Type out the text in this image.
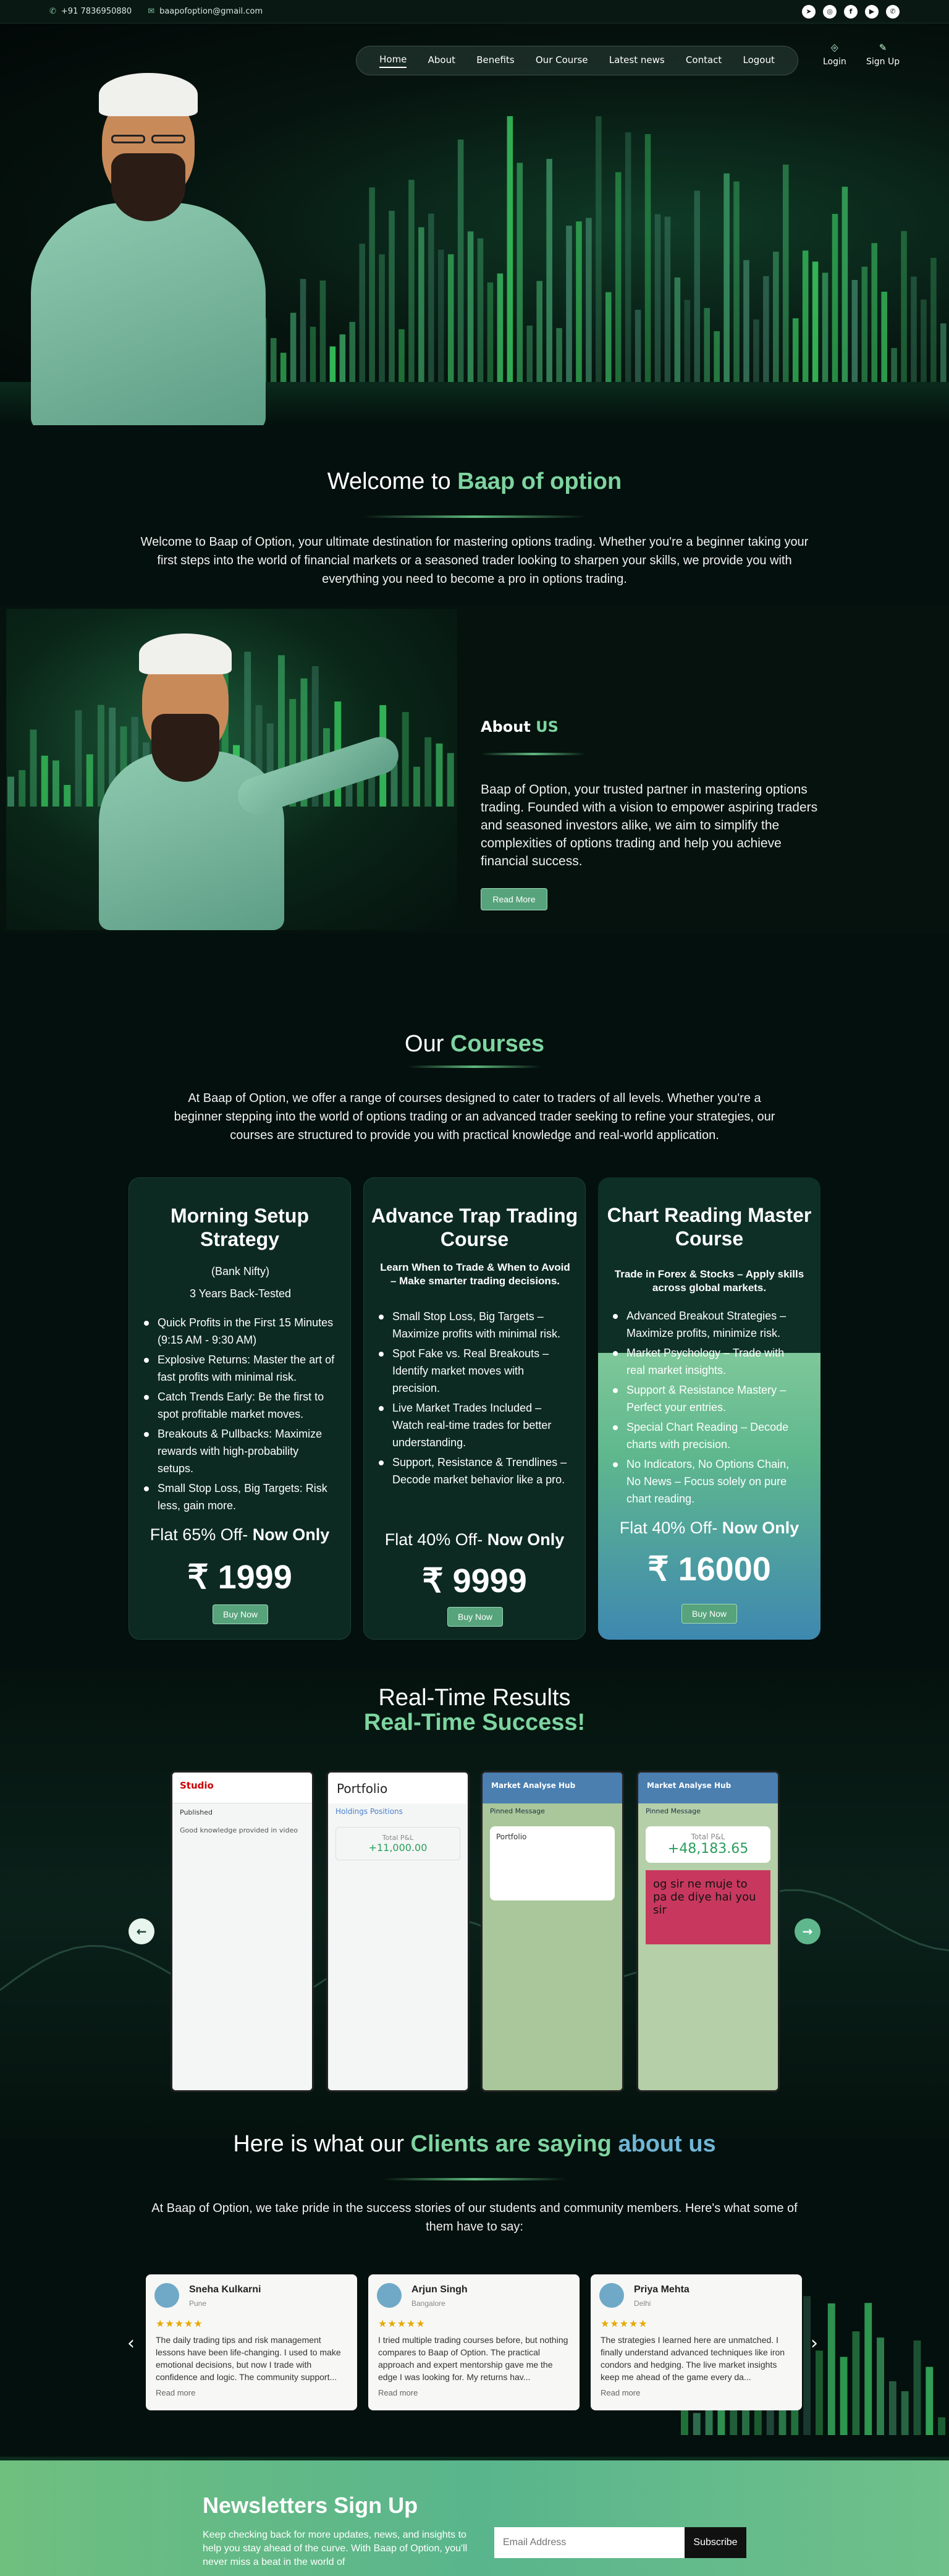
✆ +91 7836950880 ✉ baapofoption@gmail.com	➤	◎	f	▶	✆
Home About Benefits Our Course Latest news Contact Logout
⎆
Login
✎
Sign Up
Welcome to Baap of option
Welcome to Baap of Option, your ultimate destination for mastering options trading. Whether you're a beginner taking your first steps into the world of financial markets or a seasoned trader looking to sharpen your skills, we provide you with everything you need to become a pro in options trading.
About US
Baap of Option, your trusted partner in mastering options trading. Founded with a vision to empower aspiring traders and seasoned investors alike, we aim to simplify the complexities of options trading and help you achieve financial success.
Read More
Our Courses
At Baap of Option, we offer a range of courses designed to cater to traders of all levels. Whether you're a beginner stepping into the world of options trading or an advanced trader seeking to refine your strategies, our courses are structured to provide you with practical knowledge and real-world application.
Morning Setup Strategy
(Bank Nifty)
3 Years Back-Tested
Quick Profits in the First 15 Minutes (9:15 AM - 9:30 AM)
Explosive Returns: Master the art of fast profits with minimal risk.
Catch Trends Early: Be the first to spot profitable market moves.
Breakouts & Pullbacks: Maximize rewards with high-probability setups.
Small Stop Loss, Big Targets: Risk less, gain more.
Flat 65% Off- Now Only
₹ 1999
Buy Now
Advance Trap Trading Course
Learn When to Trade & When to Avoid – Make smarter trading decisions.
Small Stop Loss, Big Targets – Maximize profits with minimal risk.
Spot Fake vs. Real Breakouts – Identify market moves with precision.
Live Market Trades Included – Watch real-time trades for better understanding.
Support, Resistance & Trendlines – Decode market behavior like a pro.
Flat 40% Off- Now Only
₹ 9999
Buy Now
Chart Reading Master Course
Trade in Forex & Stocks – Apply skills across global markets.
Advanced Breakout Strategies – Maximize profits, minimize risk.
Market Psychology – Trade with real market insights.
Support & Resistance Mastery – Perfect your entries.
Special Chart Reading – Decode charts with precision.
No Indicators, No Options Chain, No News – Focus solely on pure chart reading.
Flat 40% Off- Now Only
₹ 16000
Buy Now
Real-Time Results
Real-Time Success!
Studio
Published
Good knowledge provided in video
Portfolio
Holdings Positions
Total P&L
+11,000.00
Market Analyse Hub
Pinned Message
Portfolio
Market Analyse Hub
Pinned Message
Total P&L
+48,183.65
og sir ne muje to pa de diye hai you sir
←	→
Here is what our Clients are saying about us
At Baap of Option, we take pride in the success stories of our students and community members. Here's what some of them have to say:
Sneha Kulkarni
Pune
★★★★★
The daily trading tips and risk management lessons have been life-changing. I used to make emotional decisions, but now I trade with confidence and logic. The community support...
Read more
Arjun Singh
Bangalore
★★★★★
I tried multiple trading courses before, but nothing compares to Baap of Option. The practical approach and expert mentorship gave me the edge I was looking for. My returns hav...
Read more
Priya Mehta
Delhi
★★★★★
The strategies I learned here are unmatched. I finally understand advanced techniques like iron condors and hedging. The live market insights keep me ahead of the game every da...
Read more
‹	›
Newsletters Sign Up

Keep checking back for more updates, news, and insights to help you stay ahead of the curve. With Baap of Option, you'll never miss a beat in the world of

Email Address
Subscribe
